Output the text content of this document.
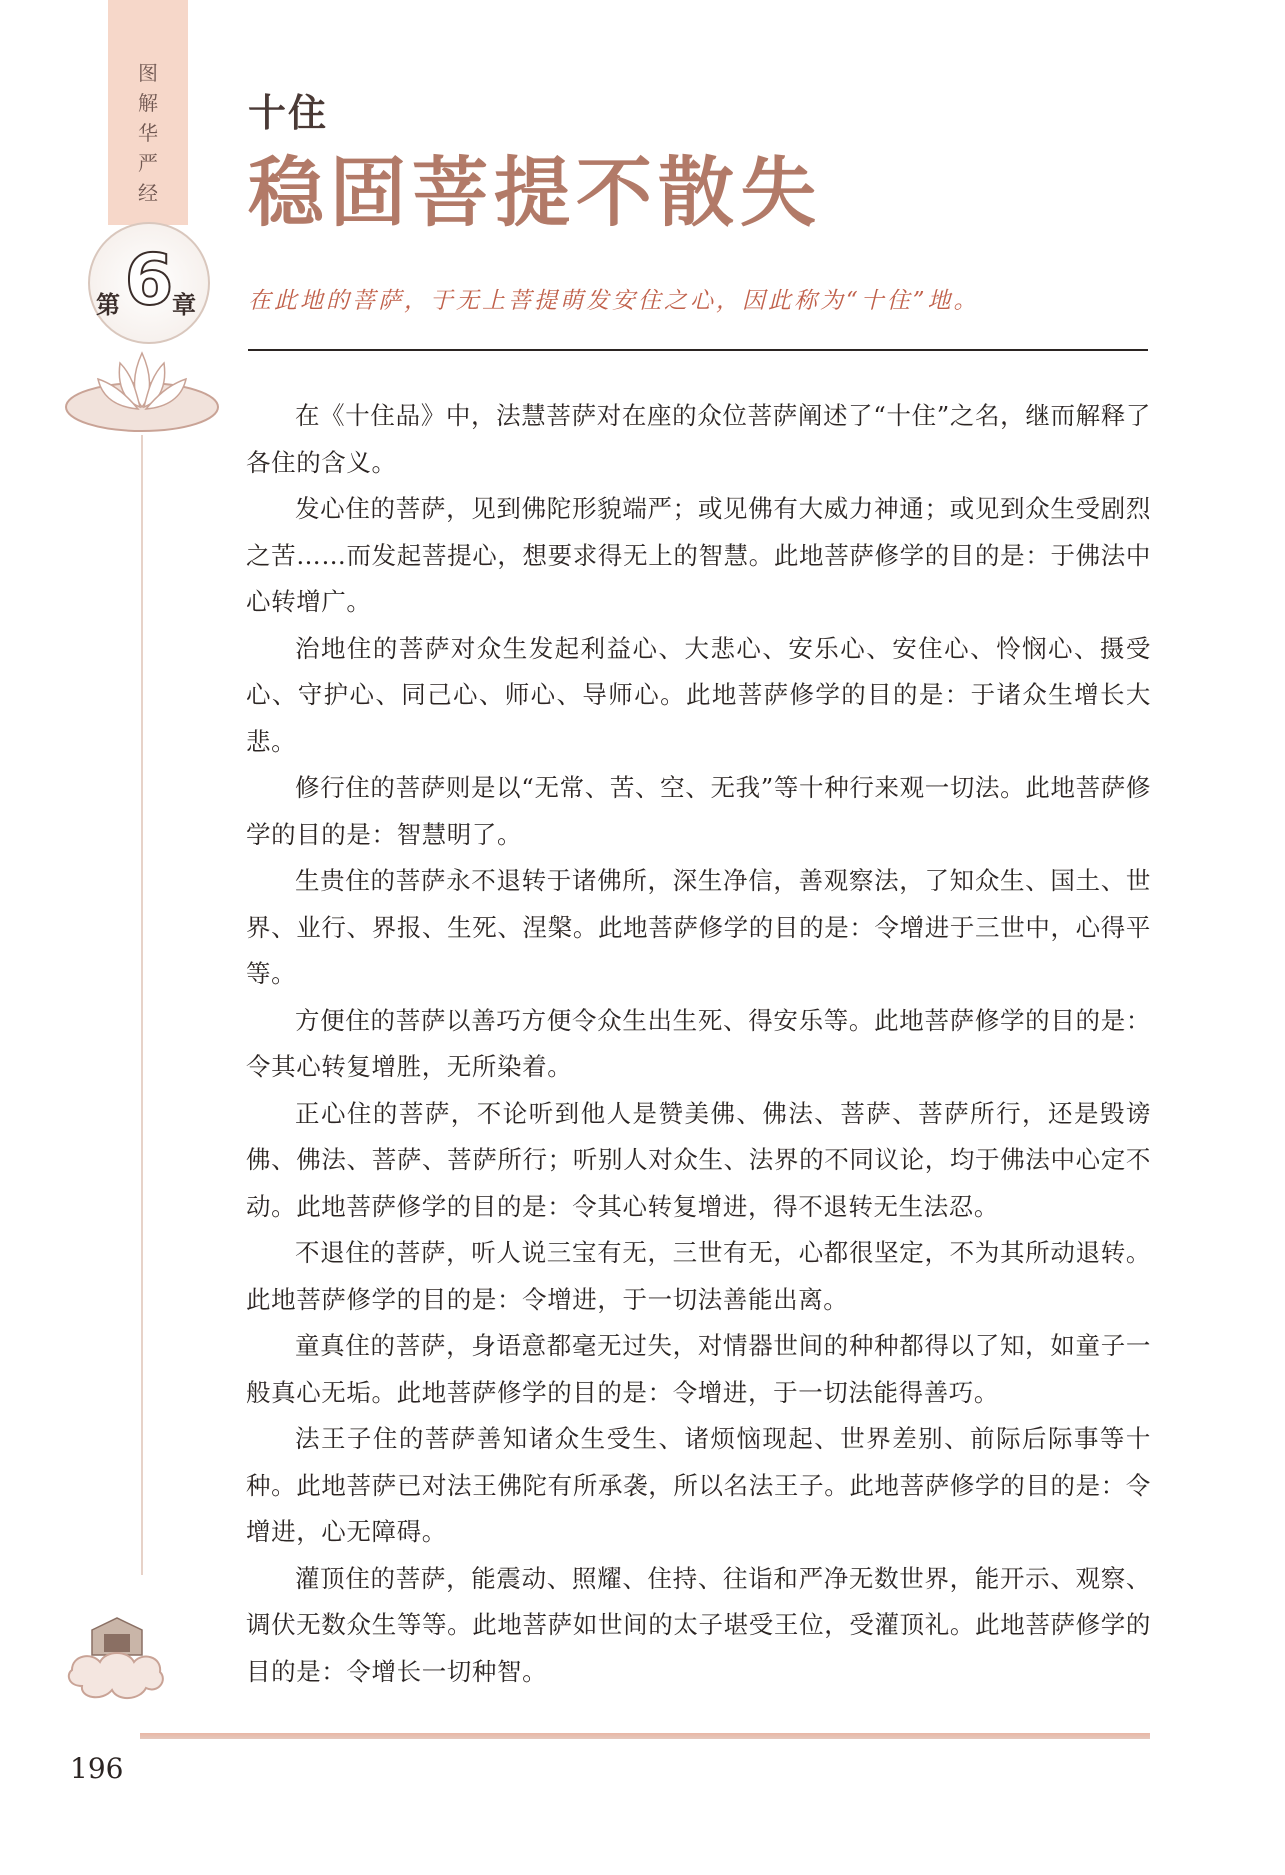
图解华严经
6
第 章
十住
稳固菩提不散失
在此地的菩萨，于无上菩提萌发安住之心，因此称为“十住”地。

在《十住品》中，法慧菩萨对在座的众位菩萨阐述了“十住”之名，继而解释了各住的含义。

发心住的菩萨，见到佛陀形貌端严；或见佛有大威力神通；或见到众生受剧烈之苦……而发起菩提心，想要求得无上的智慧。此地菩萨修学的目的是：于佛法中心转增广。

治地住的菩萨对众生发起利益心、大悲心、安乐心、安住心、怜悯心、摄受心、守护心、同己心、师心、导师心。此地菩萨修学的目的是：于诸众生增长大悲。

修行住的菩萨则是以“无常、苦、空、无我”等十种行来观一切法。此地菩萨修学的目的是：智慧明了。

生贵住的菩萨永不退转于诸佛所，深生净信，善观察法，了知众生、国土、世界、业行、界报、生死、涅槃。此地菩萨修学的目的是：令增进于三世中，心得平等。

方便住的菩萨以善巧方便令众生出生死、得安乐等。此地菩萨修学的目的是：令其心转复增胜，无所染着。

正心住的菩萨，不论听到他人是赞美佛、佛法、菩萨、菩萨所行，还是毁谤佛、佛法、菩萨、菩萨所行；听别人对众生、法界的不同议论，均于佛法中心定不动。此地菩萨修学的目的是：令其心转复增进，得不退转无生法忍。

不退住的菩萨，听人说三宝有无，三世有无，心都很坚定，不为其所动退转。此地菩萨修学的目的是：令增进，于一切法善能出离。

童真住的菩萨，身语意都毫无过失，对情器世间的种种都得以了知，如童子一般真心无垢。此地菩萨修学的目的是：令增进，于一切法能得善巧。

法王子住的菩萨善知诸众生受生、诸烦恼现起、世界差别、前际后际事等十种。此地菩萨已对法王佛陀有所承袭，所以名法王子。此地菩萨修学的目的是：令增进，心无障碍。

灌顶住的菩萨，能震动、照耀、住持、往诣和严净无数世界，能开示、观察、调伏无数众生等等。此地菩萨如世间的太子堪受王位，受灌顶礼。此地菩萨修学的目的是：令增长一切种智。

196
